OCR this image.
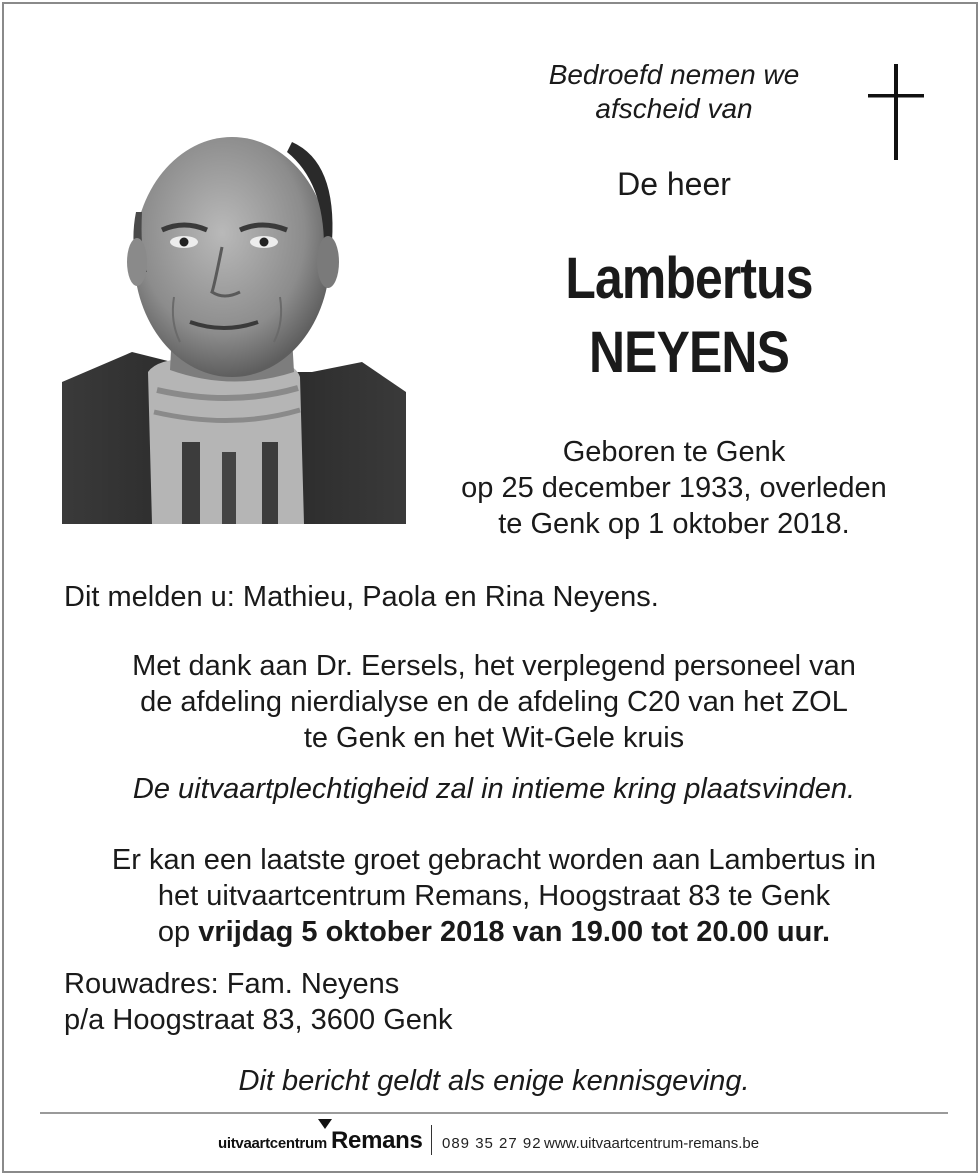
Bedroefd nemen we
afscheid van
De heer
Lambertus
NEYENS
Geboren te Genk
op 25 december 1933, overleden
te Genk op 1 oktober 2018.
Dit melden u: Mathieu, Paola en Rina Neyens.
Met dank aan Dr. Eersels, het verplegend personeel van
de afdeling nierdialyse en de afdeling C20 van het ZOL
te Genk en het Wit-Gele kruis
De uitvaartplechtigheid zal in intieme kring plaatsvinden.
Er kan een laatste groet gebracht worden aan Lambertus in
het uitvaartcentrum Remans, Hoogstraat 83 te Genk
op vrijdag 5 oktober 2018 van 19.00 tot 20.00 uur.
Rouwadres: Fam. Neyens
p/a Hoogstraat 83, 3600 Genk
Dit bericht geldt als enige kennisgeving.
uitvaartcentrum Remans 089 35 27 92 www.uitvaartcentrum-remans.be
